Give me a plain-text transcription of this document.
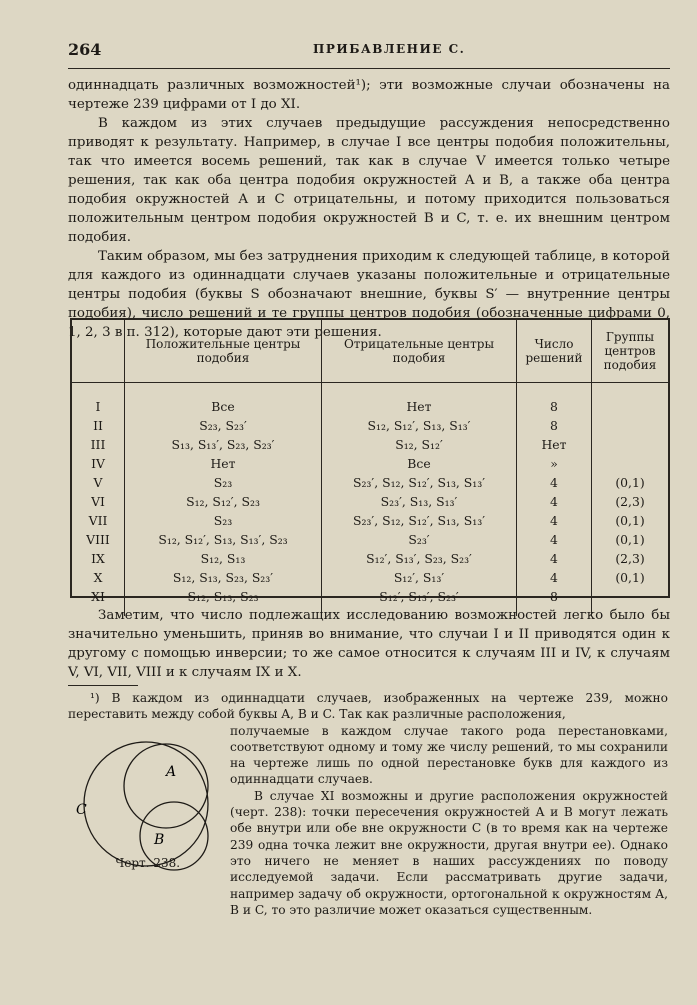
264	ПРИБАВЛЕНИЕ С.

одиннадцать различных возможностей¹); эти возможные случаи обозначены на чертеже 239 цифрами от I до XI.

В каждом из этих случаев предыдущие рассуждения непосредственно приводят к результату. Например, в случае I все центры подобия положительны, так что имеется восемь решений, так как в случае V имеется только четыре решения, так как оба центра подобия окружностей A и B, а также оба центра подобия окружностей A и C отрицательны, и потому приходится пользоваться положительным центром подобия окружностей B и C, т. е. их внешним центром подобия.

Таким образом, мы без затруднения приходим к следующей таблице, в которой для каждого из одиннадцати случаев указаны положительные и отрицательные центры подобия (буквы S обозначают внешние, буквы S′ — внутренние центры подобия), число решений и те группы центров подобия (обозначенные цифрами 0, 1, 2, 3 в п. 312), которые дают эти решения.

	Положительные центры подобия	Отрицательные центры подобия	Число решений	Группы центров подобия
I	Все	Нет	8	
II	S₂₃, S₂₃′	S₁₂, S₁₂′, S₁₃, S₁₃′	8	
III	S₁₃, S₁₃′, S₂₃, S₂₃′	S₁₂, S₁₂′	Нет	
IV	Нет	Все	»	
V	S₂₃	S₂₃′, S₁₂, S₁₂′, S₁₃, S₁₃′	4	(0,1)
VI	S₁₂, S₁₂′, S₂₃	S₂₃′, S₁₃, S₁₃′	4	(2,3)
VII	S₂₃	S₂₃′, S₁₂, S₁₂′, S₁₃, S₁₃′	4	(0,1)
VIII	S₁₂, S₁₂′, S₁₃, S₁₃′, S₂₃	S₂₃′	4	(0,1)
IX	S₁₂, S₁₃	S₁₂′, S₁₃′, S₂₃, S₂₃′	4	(2,3)
X	S₁₂, S₁₃, S₂₃, S₂₃′	S₁₂′, S₁₃′	4	(0,1)
XI	S₁₂, S₁₃, S₂₃	S₁₂′, S₁₃′, S₂₃′	8	

Заметим, что число подлежащих исследованию возможностей легко было бы значительно уменьшить, приняв во внимание, что случаи I и II приводятся один к другому с помощью инверсии; то же самое относится к случаям III и IV, к случаям V, VI, VII, VIII и к случаям IX и X.

¹) В каждом из одиннадцати случаев, изображенных на чертеже 239, можно переставить между собой буквы A, B и C. Так как различные расположения,

получаемые в каждом случае такого рода перестановками, соответствуют одному и тому же числу решений, то мы сохранили на чертеже лишь по одной перестановке букв для каждого из одиннадцати случаев.

В случае XI возможны и другие расположения окружностей (черт. 238): точки пересечения окружностей A и B могут лежать обе внутри или обе вне окружности C (в то время как на чертеже 239 одна точка лежит вне окружности, другая внутри ее). Однако это ничего не меняет в наших рассуждениях по поводу исследуемой задачи. Если рассматривать другие задачи, например задачу об окружности, ортогональной к окружностям A, B и C, то это различие может оказаться существенным.

A
B
C
Черт. 238.
